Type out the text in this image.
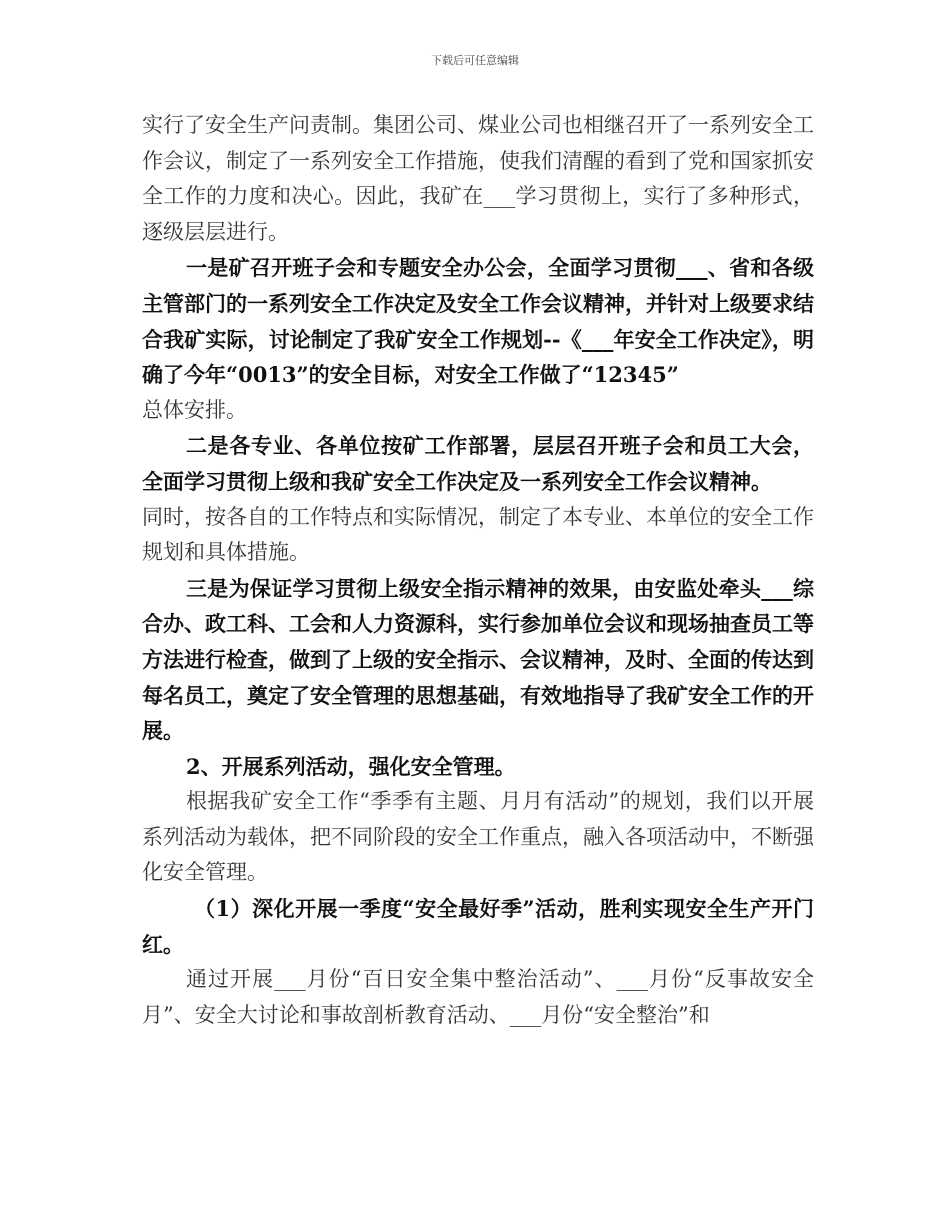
下载后可任意编辑

实行了安全生产问责制。集团公司、煤业公司也相继召开了一系列安全工作会议，制定了一系列安全工作措施，使我们清醒的看到了党和国家抓安全工作的力度和决心。因此，我矿在___学习贯彻上，实行了多种形式，逐级层层进行。

一是矿召开班子会和专题安全办公会，全面学习贯彻___、省和各级主管部门的一系列安全工作决定及安全工作会议精神，并针对上级要求结合我矿实际，讨论制定了我矿安全工作规划--《___年安全工作决定》，明确了今年“0013”的安全目标，对安全工作做了“12345”

总体安排。

二是各专业、各单位按矿工作部署，层层召开班子会和员工大会，全面学习贯彻上级和我矿安全工作决定及一系列安全工作会议精神。

同时，按各自的工作特点和实际情况，制定了本专业、本单位的安全工作规划和具体措施。

三是为保证学习贯彻上级安全指示精神的效果，由安监处牵头___综合办、政工科、工会和人力资源科，实行参加单位会议和现场抽查员工等方法进行检查，做到了上级的安全指示、会议精神，及时、全面的传达到每名员工，奠定了安全管理的思想基础，有效地指导了我矿安全工作的开展。

2、开展系列活动，强化安全管理。

根据我矿安全工作“季季有主题、月月有活动”的规划，我们以开展系列活动为载体，把不同阶段的安全工作重点，融入各项活动中，不断强化安全管理。

（1）深化开展一季度“安全最好季”活动，胜利实现安全生产开门红。

通过开展___月份“百日安全集中整治活动”、___月份“反事故安全月”、安全大讨论和事故剖析教育活动、___月份“安全整治”和
